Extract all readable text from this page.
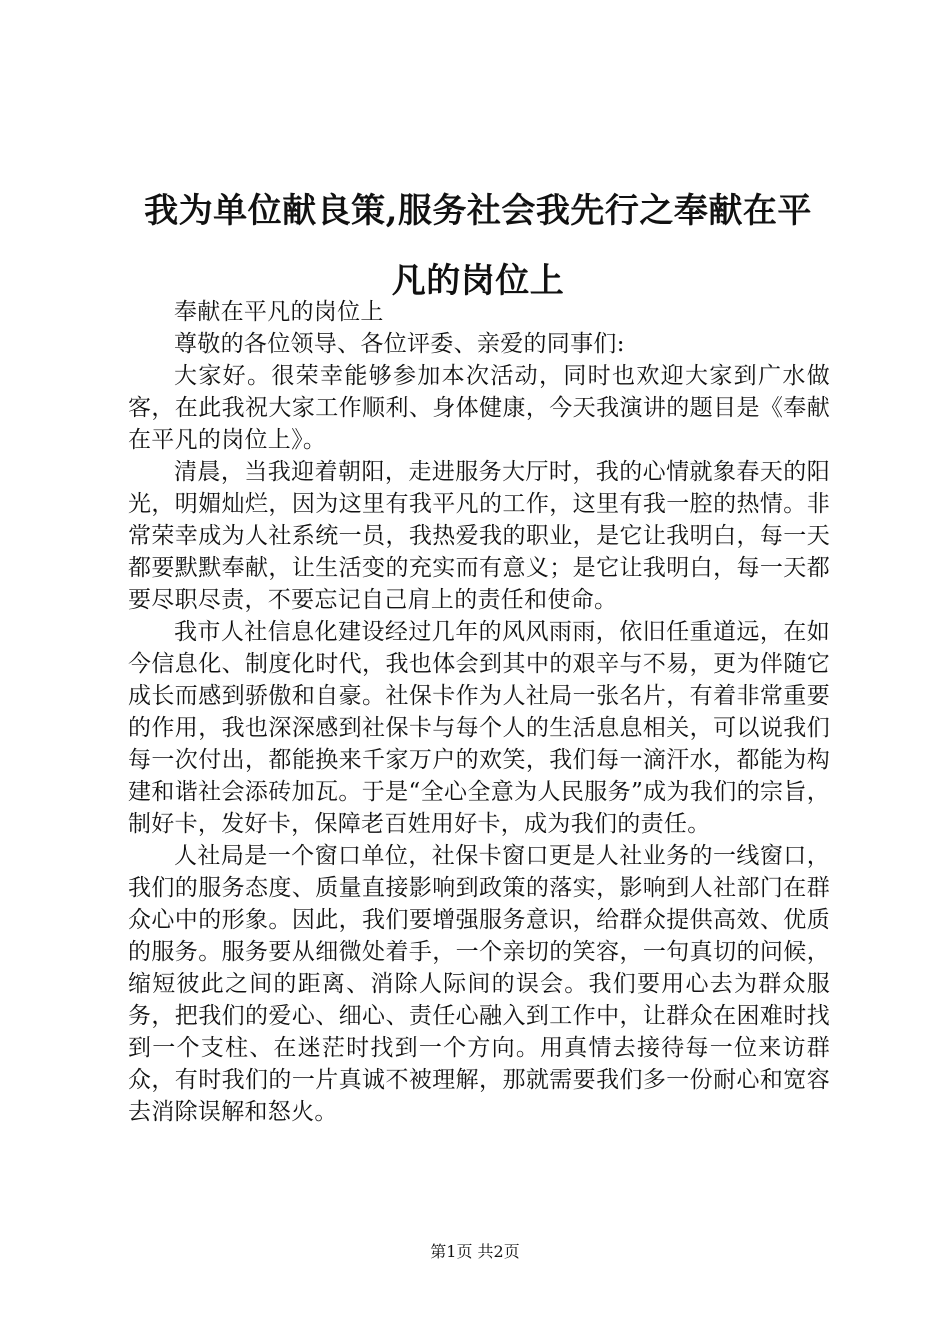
我为单位献良策,服务社会我先行之奉献在平凡的岗位上

奉献在平凡的岗位上

尊敬的各位领导、各位评委、亲爱的同事们:

大家好。很荣幸能够参加本次活动，同时也欢迎大家到广水做客，在此我祝大家工作顺利、身体健康，今天我演讲的题目是《奉献在平凡的岗位上》。

清晨，当我迎着朝阳，走进服务大厅时，我的心情就象春天的阳光，明媚灿烂，因为这里有我平凡的工作，这里有我一腔的热情。非常荣幸成为人社系统一员，我热爱我的职业，是它让我明白，每一天都要默默奉献，让生活变的充实而有意义；是它让我明白，每一天都要尽职尽责，不要忘记自己肩上的责任和使命。

我市人社信息化建设经过几年的风风雨雨，依旧任重道远，在如今信息化、制度化时代，我也体会到其中的艰辛与不易，更为伴随它成长而感到骄傲和自豪。社保卡作为人社局一张名片，有着非常重要的作用，我也深深感到社保卡与每个人的生活息息相关，可以说我们每一次付出，都能换来千家万户的欢笑，我们每一滴汗水，都能为构建和谐社会添砖加瓦。于是“全心全意为人民服务”成为我们的宗旨，制好卡，发好卡，保障老百姓用好卡，成为我们的责任。

人社局是一个窗口单位，社保卡窗口更是人社业务的一线窗口，我们的服务态度、质量直接影响到政策的落实，影响到人社部门在群众心中的形象。因此，我们要增强服务意识，给群众提供高效、优质的服务。服务要从细微处着手，一个亲切的笑容，一句真切的问候，缩短彼此之间的距离、消除人际间的误会。我们要用心去为群众服务，把我们的爱心、细心、责任心融入到工作中，让群众在困难时找到一个支柱、在迷茫时找到一个方向。用真情去接待每一位来访群众，有时我们的一片真诚不被理解，那就需要我们多一份耐心和宽容去消除误解和怒火。

第1页 共2页
